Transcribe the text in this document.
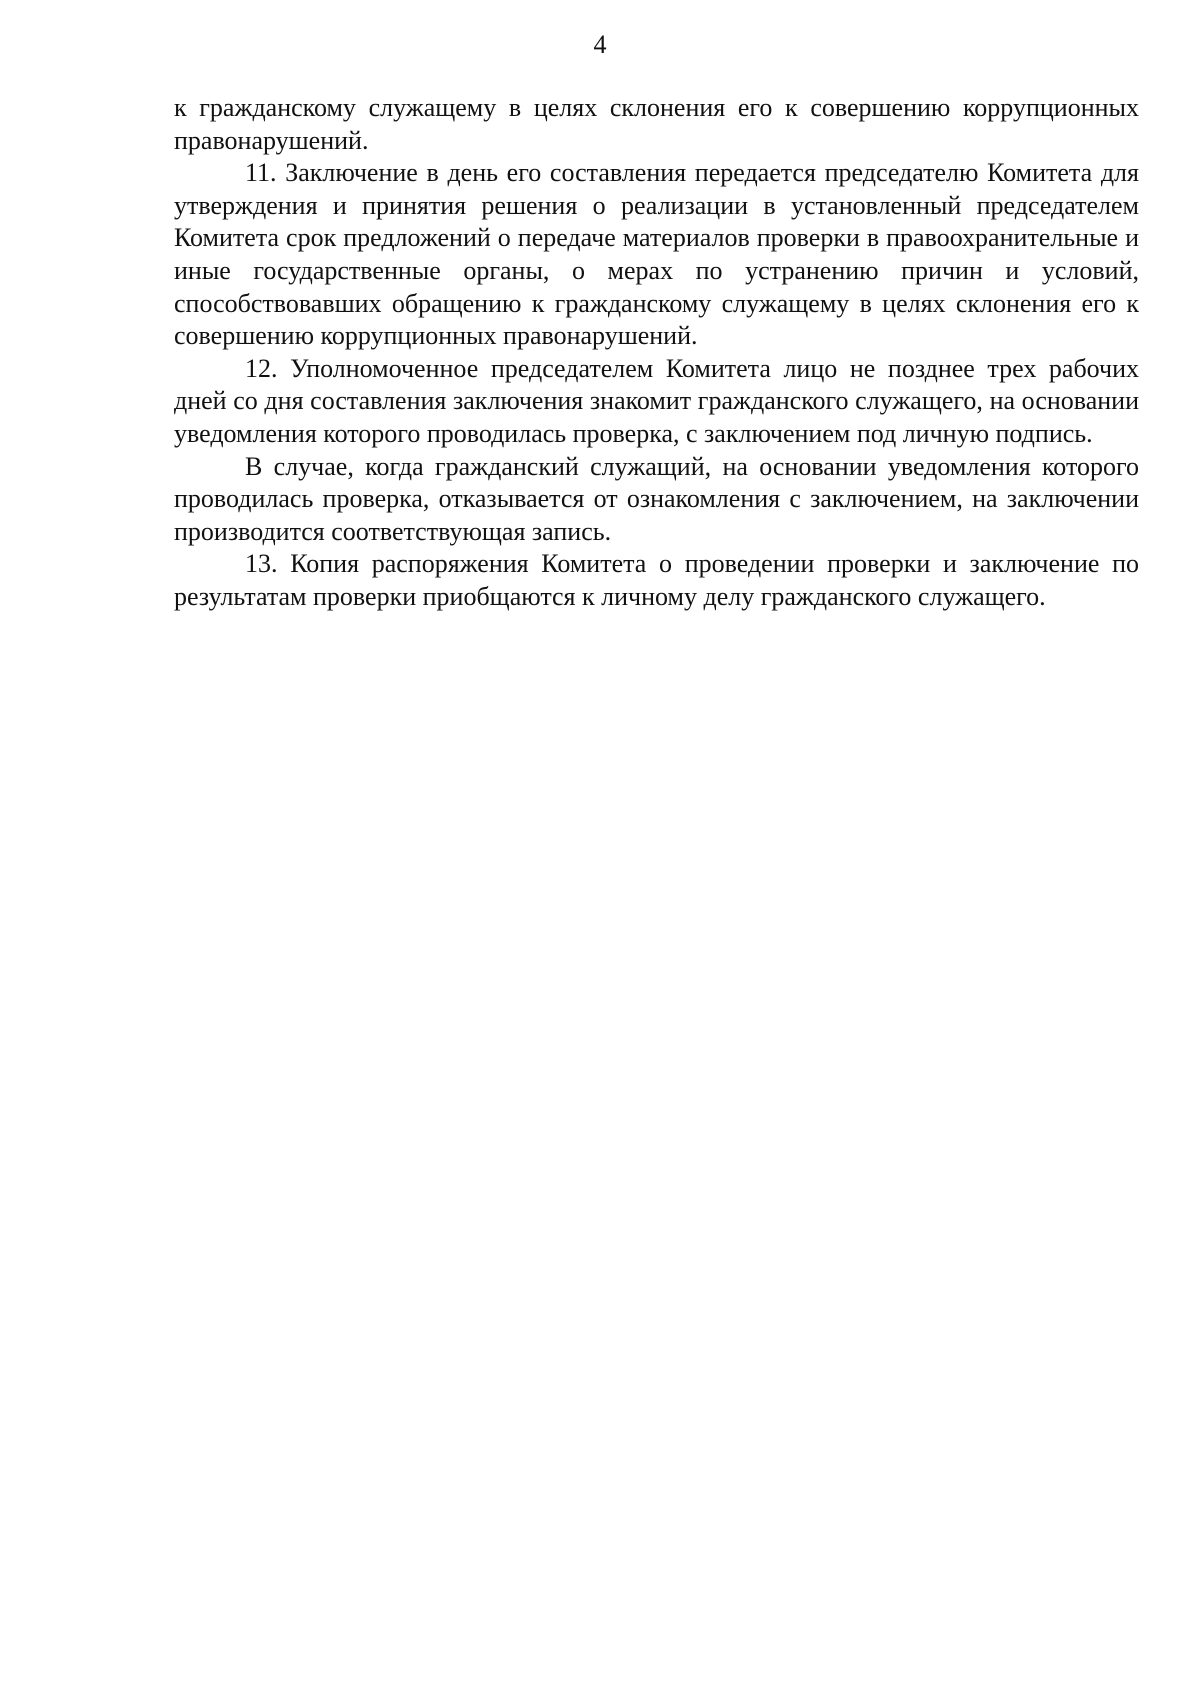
4

к гражданскому служащему в целях склонения его к совершению коррупционных правонарушений.

11. Заключение в день его составления передается председателю Комитета для утверждения и принятия решения о реализации в установленный председателем Комитета срок предложений о передаче материалов проверки в правоохранительные и иные государственные органы, о мерах по устранению причин и условий, способствовавших обращению к гражданскому служащему в целях склонения его к совершению коррупционных правонарушений.

12. Уполномоченное председателем Комитета лицо не позднее трех рабочих дней со дня составления заключения знакомит гражданского служащего, на основании уведомления которого проводилась проверка, с заключением под личную подпись.

В случае, когда гражданский служащий, на основании уведомления которого проводилась проверка, отказывается от ознакомления с заключением, на заключении производится соответствующая запись.

13. Копия распоряжения Комитета о проведении проверки и заключение по результатам проверки приобщаются к личному делу гражданского служащего.
